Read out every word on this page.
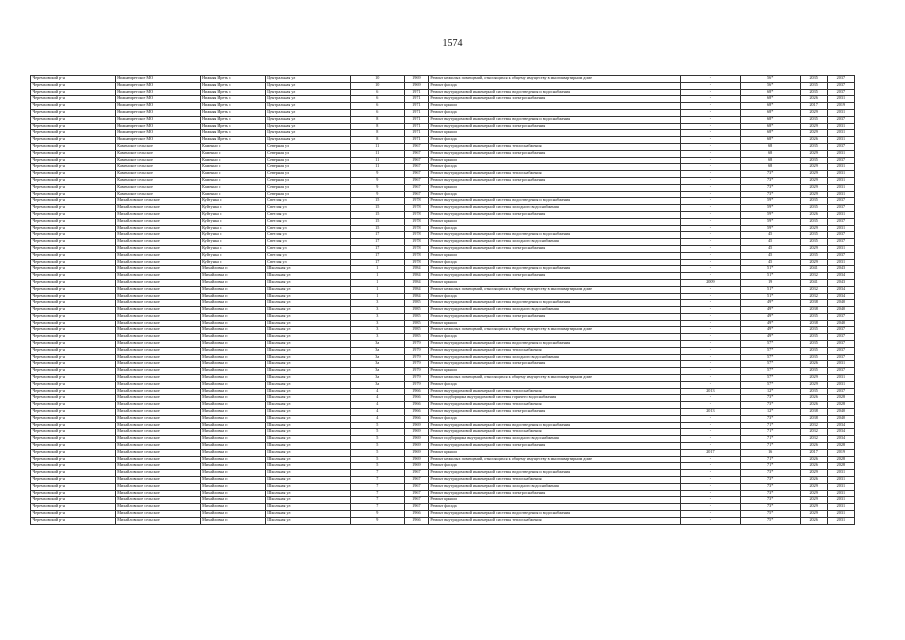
1574
Черемховский р-н	Нижнеиретское МО	Нижняя Иреть с	Центральная ул	10	1969	Ремонт нежилых помещений, относящихся к общему имуществу в многоквартирном доме	-	56*	2035	2037
Черемховский р-н	Нижнеиретское МО	Нижняя Иреть с	Центральная ул	10	1969	Ремонт фасада	-	56*	2035	2037
Черемховский р-н	Нижнеиретское МО	Нижняя Иреть с	Центральная ул	6	1971	Ремонт внутридомовой инженерной системы водоотведения и водоснабжения	-	68*	2035	2037
Черемховский р-н	Нижнеиретское МО	Нижняя Иреть с	Центральная ул	6	1971	Ремонт внутридомовой инженерной системы электроснабжения	-	68*	2026	2031
Черемховский р-н	Нижнеиретское МО	Нижняя Иреть с	Центральная ул	6	1971	Ремонт крыши	-	68*	2017	2019
Черемховский р-н	Нижнеиретское МО	Нижняя Иреть с	Центральная ул	6	1971	Ремонт фасада	-	68*	2029	2031
Черемховский р-н	Нижнеиретское МО	Нижняя Иреть с	Центральная ул	8	1971	Ремонт внутридомовой инженерной системы водоотведения и водоснабжения	-	68*	2035	2037
Черемховский р-н	Нижнеиретское МО	Нижняя Иреть с	Центральная ул	8	1971	Ремонт внутридомовой инженерной системы электроснабжения	-	68*	2029	2031
Черемховский р-н	Нижнеиретское МО	Нижняя Иреть с	Центральная ул	8	1971	Ремонт крыши	-	68*	2029	2031
Черемховский р-н	Нижнеиретское МО	Нижняя Иреть с	Центральная ул	8	1971	Ремонт фасада	-	68*	2026	2031
Черемховский р-н	Каменское сельское	Каменно с	Северная ул	11	1967	Ремонт внутридомовой инженерной системы теплоснабжения	-	68	2035	2037
Черемховский р-н	Каменское сельское	Каменно с	Северная ул	11	1967	Ремонт внутридомовой инженерной системы электроснабжения	-	68	2029	2031
Черемховский р-н	Каменское сельское	Каменно с	Северная ул	11	1967	Ремонт крыши	-	68	2035	2037
Черемховский р-н	Каменское сельское	Каменно с	Северная ул	11	1967	Ремонт фасада	-	68	2029	2031
Черемховский р-н	Каменское сельское	Каменно с	Северная ул	9	1967	Ремонт внутридомовой инженерной системы теплоснабжения	-	73*	2029	2031
Черемховский р-н	Каменское сельское	Каменно с	Северная ул	9	1967	Ремонт внутридомовой инженерной системы электроснабжения	-	73*	2029	2031
Черемховский р-н	Каменское сельское	Каменно с	Северная ул	9	1967	Ремонт крыши	-	73*	2029	2031
Черемховский р-н	Каменское сельское	Каменно с	Северная ул	9	1967	Ремонт фасада	-	73*	2029	2031
Черемховский р-н	Михайловское сельское	Куйтунка с	Светлая ул	15	1978	Ремонт внутридомовой инженерной системы водоотведения и водоснабжения	-	59*	2035	2037
Черемховский р-н	Михайловское сельское	Куйтунка с	Светлая ул	15	1978	Ремонт внутридомовой инженерной системы холодного водоснабжения	-	59*	2035	2037
Черемховский р-н	Михайловское сельское	Куйтунка с	Светлая ул	15	1978	Ремонт внутридомовой инженерной системы электроснабжения	-	59*	2026	2031
Черемховский р-н	Михайловское сельское	Куйтунка с	Светлая ул	15	1978	Ремонт крыши	-	59*	2035	2037
Черемховский р-н	Михайловское сельское	Куйтунка с	Светлая ул	15	1978	Ремонт фасада	-	59*	2029	2031
Черемховский р-н	Михайловское сельское	Куйтунка с	Светлая ул	17	1978	Ремонт внутридомовой инженерной системы водоотведения и водоснабжения	-	45	2035	2037
Черемховский р-н	Михайловское сельское	Куйтунка с	Светлая ул	17	1978	Ремонт внутридомовой инженерной системы холодного водоснабжения	-	45	2035	2037
Черемховский р-н	Михайловское сельское	Куйтунка с	Светлая ул	17	1978	Ремонт внутридомовой инженерной системы электроснабжения	-	45	2029	2031
Черемховский р-н	Михайловское сельское	Куйтунка с	Светлая ул	17	1978	Ремонт крыши	-	45	2035	2037
Черемховский р-н	Михайловское сельское	Куйтунка с	Светлая ул	17	1978	Ремонт фасада	-	45	2029	2031
Черемховский р-н	Михайловское сельское	Михайловка п	Школьная ул	1	1984	Ремонт внутридомовой инженерной системы водоотведения и водоснабжения	-	51*	2041	2043
Черемховский р-н	Михайловское сельское	Михайловка п	Школьная ул	1	1984	Ремонт внутридомовой инженерной системы электроснабжения	-	51*	2032	2034
Черемховский р-н	Михайловское сельское	Михайловка п	Школьная ул	1	1984	Ремонт крыши	2009	19	2041	2043
Черемховский р-н	Михайловское сельское	Михайловка п	Школьная ул	1	1984	Ремонт нежилых помещений, относящихся к общему имуществу в многоквартирном доме	-	51*	2032	2034
Черемховский р-н	Михайловское сельское	Михайловка п	Школьная ул	1	1984	Ремонт фасада	-	51*	2032	2034
Черемховский р-н	Михайловское сельское	Михайловка п	Школьная ул	3	1985	Ремонт внутридомовой инженерной системы водоотведения и водоснабжения	-	49*	2038	2040
Черемховский р-н	Михайловское сельское	Михайловка п	Школьная ул	3	1985	Ремонт внутридомовой инженерной системы холодного водоснабжения	-	49*	2038	2040
Черемховский р-н	Михайловское сельское	Михайловка п	Школьная ул	3	1985	Ремонт внутридомовой инженерной системы электроснабжения	-	49*	2035	2037
Черемховский р-н	Михайловское сельское	Михайловка п	Школьная ул	3	1985	Ремонт крыши	-	49*	2038	2040
Черемховский р-н	Михайловское сельское	Михайловка п	Школьная ул	3	1985	Ремонт нежилых помещений, относящихся к общему имуществу в многоквартирном доме	-	49*	2035	2037
Черемховский р-н	Михайловское сельское	Михайловка п	Школьная ул	3	1985	Ремонт фасада	-	49*	2035	2037
Черемховский р-н	Михайловское сельское	Михайловка п	Школьная ул	3а	1979	Ремонт внутридомовой инженерной системы водоотведения и водоснабжения	-	57*	2035	2037
Черемховский р-н	Михайловское сельское	Михайловка п	Школьная ул	3а	1979	Ремонт внутридомовой инженерной системы теплоснабжения	-	57*	2035	2037
Черемховский р-н	Михайловское сельское	Михайловка п	Школьная ул	3а	1979	Ремонт внутридомовой инженерной системы холодного водоснабжения	-	57*	2035	2037
Черемховский р-н	Михайловское сельское	Михайловка п	Школьная ул	3а	1979	Ремонт внутридомовой инженерной системы электроснабжения	-	57*	2026	2031
Черемховский р-н	Михайловское сельское	Михайловка п	Школьная ул	3а	1979	Ремонт крыши	-	57*	2035	2037
Черемховский р-н	Михайловское сельское	Михайловка п	Школьная ул	3а	1979	Ремонт нежилых помещений, относящихся к общему имуществу в многоквартирном доме	-	57*	2029	2031
Черемховский р-н	Михайловское сельское	Михайловка п	Школьная ул	3а	1979	Ремонт фасада	-	57*	2029	2031
Черемховский р-н	Михайловское сельское	Михайловка п	Школьная ул	4	1966	Ремонт внутридомовой инженерной системы теплоснабжения	2013	12*	2035	2037
Черемховский р-н	Михайловское сельское	Михайловка п	Школьная ул	4	1966	Ремонт подборщика внутридомовой системы горячего водоснабжения	-	73*	2026	2028
Черемховский р-н	Михайловское сельское	Михайловка п	Школьная ул	4	1966	Ремонт внутридомовой инженерной системы теплоснабжения	-	73*	2026	2028
Черемховский р-н	Михайловское сельское	Михайловка п	Школьная ул	4	1966	Ремонт внутридомовой инженерной системы электроснабжения	2013	12*	2038	2040
Черемховский р-н	Михайловское сельское	Михайловка п	Школьная ул	4	1966	Ремонт фасада	-	73*	2038	2040
Черемховский р-н	Михайловское сельское	Михайловка п	Школьная ул	5	1969	Ремонт внутридомовой инженерной системы водоотведения и водоснабжения	-	71*	2032	2034
Черемховский р-н	Михайловское сельское	Михайловка п	Школьная ул	5	1969	Ремонт внутридомовой инженерной системы теплоснабжения	-	71*	2032	2034
Черемховский р-н	Михайловское сельское	Михайловка п	Школьная ул	5	1969	Ремонт подборщика внутридомовой системы холодного водоснабжения	-	71*	2032	2034
Черемховский р-н	Михайловское сельское	Михайловка п	Школьная ул	5	1969	Ремонт внутридомовой инженерной системы электроснабжения	-	71*	2026	2028
Черемховский р-н	Михайловское сельское	Михайловка п	Школьная ул	5	1969	Ремонт крыши	2017	16	2017	2019
Черемховский р-н	Михайловское сельское	Михайловка п	Школьная ул	5	1969	Ремонт нежилых помещений, относящихся к общему имуществу в многоквартирном доме	-	71*	2026	2028
Черемховский р-н	Михайловское сельское	Михайловка п	Школьная ул	5	1969	Ремонт фасада	-	71*	2026	2028
Черемховский р-н	Михайловское сельское	Михайловка п	Школьная ул	7	1967	Ремонт внутридомовой инженерной системы водоотведения и водоснабжения	-	73*	2029	2031
Черемховский р-н	Михайловское сельское	Михайловка п	Школьная ул	7	1967	Ремонт внутридомовой инженерной системы теплоснабжения	-	73*	2026	2031
Черемховский р-н	Михайловское сельское	Михайловка п	Школьная ул	7	1967	Ремонт внутридомовой инженерной системы холодного водоснабжения	-	73*	2029	2031
Черемховский р-н	Михайловское сельское	Михайловка п	Школьная ул	7	1967	Ремонт внутридомовой инженерной системы электроснабжения	-	73*	2029	2031
Черемховский р-н	Михайловское сельское	Михайловка п	Школьная ул	7	1967	Ремонт крыши	-	73*	2029	2031
Черемховский р-н	Михайловское сельское	Михайловка п	Школьная ул	7	1967	Ремонт фасада	-	73*	2029	2031
Черемховский р-н	Михайловское сельское	Михайловка п	Школьная ул	9	1966	Ремонт внутридомовой инженерной системы водоотведения и водоснабжения	-	75*	2029	2031
Черемховский р-н	Михайловское сельское	Михайловка п	Школьная ул	9	1966	Ремонт внутридомовой инженерной системы теплоснабжения	-	75*	2026	2031
